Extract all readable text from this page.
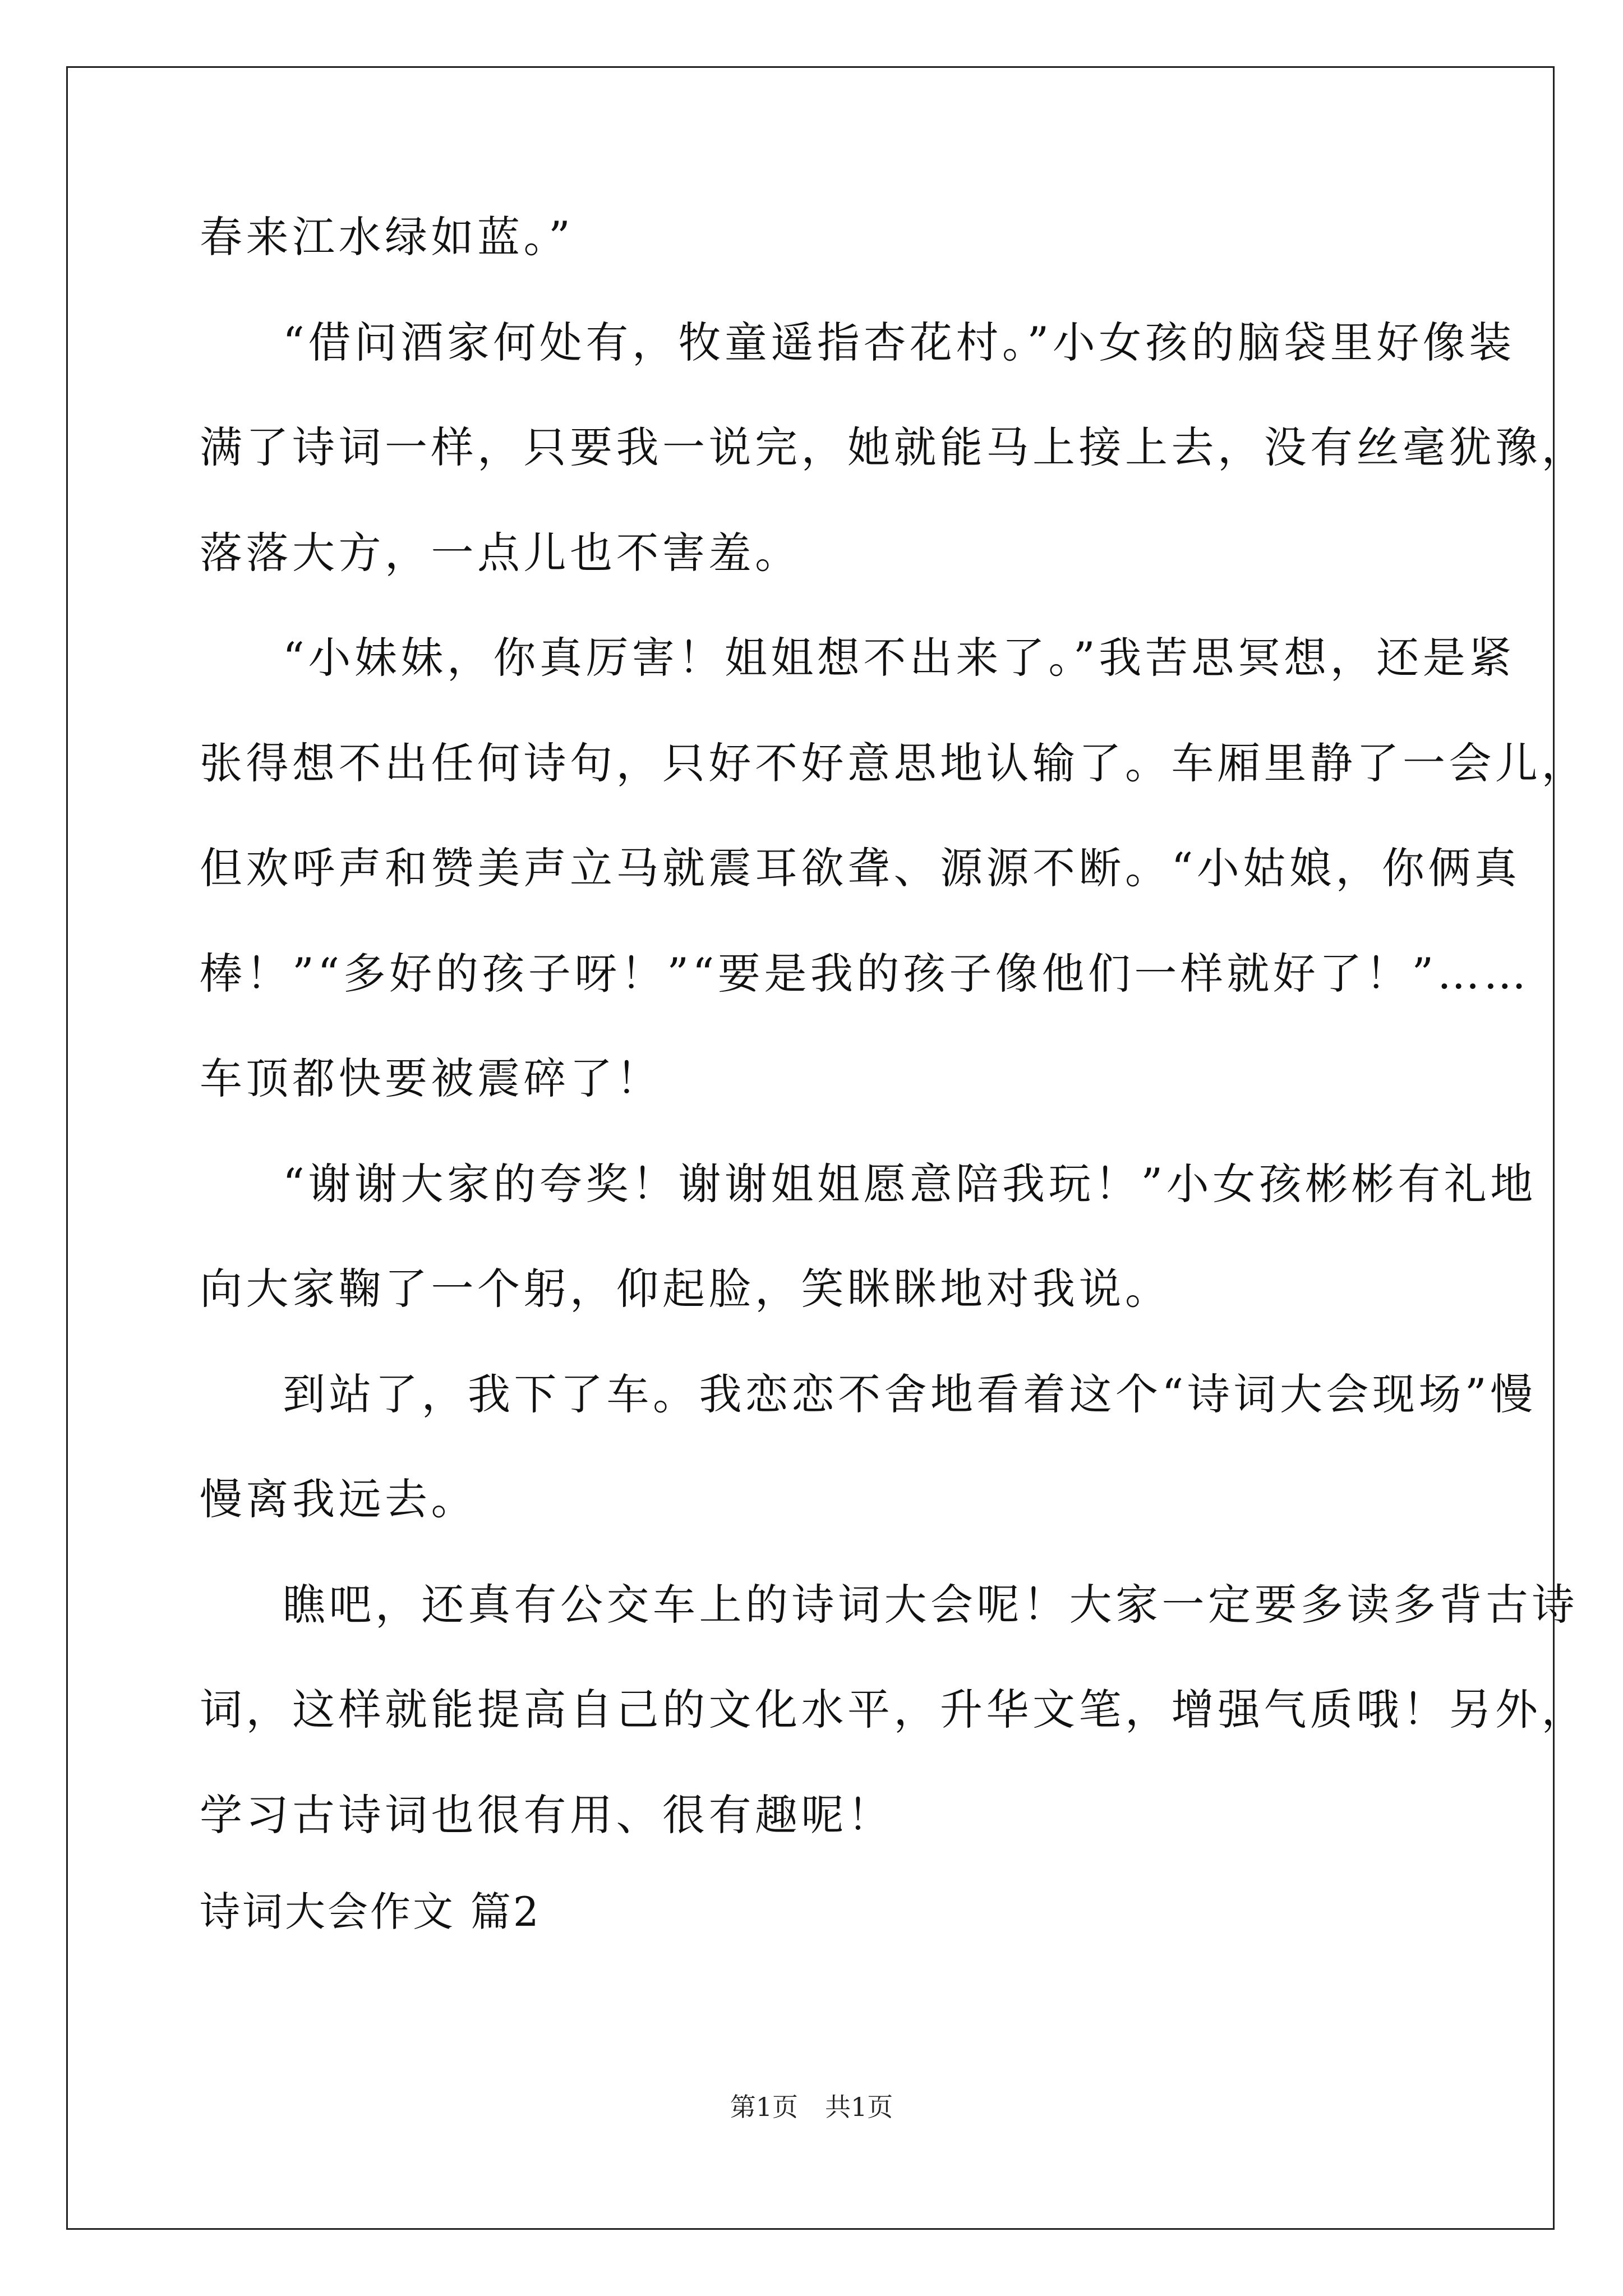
春来江水绿如蓝。”
“借问酒家何处有，牧童遥指杏花村。”小女孩的脑袋里好像装
满了诗词一样，只要我一说完，她就能马上接上去，没有丝毫犹豫，
落落大方，一点儿也不害羞。
“小妹妹，你真厉害！姐姐想不出来了。”我苦思冥想，还是紧
张得想不出任何诗句，只好不好意思地认输了。车厢里静了一会儿，
但欢呼声和赞美声立马就震耳欲聋、源源不断。“小姑娘，你俩真
棒！”“多好的孩子呀！”“要是我的孩子像他们一样就好了！”……
车顶都快要被震碎了！
“谢谢大家的夸奖！谢谢姐姐愿意陪我玩！”小女孩彬彬有礼地
向大家鞠了一个躬，仰起脸，笑眯眯地对我说。
到站了，我下了车。我恋恋不舍地看着这个“诗词大会现场”慢
慢离我远去。
瞧吧，还真有公交车上的诗词大会呢！大家一定要多读多背古诗
词，这样就能提高自己的文化水平，升华文笔，增强气质哦！另外，
学习古诗词也很有用、很有趣呢！
诗词大会作文 篇2
第1页 共1页
